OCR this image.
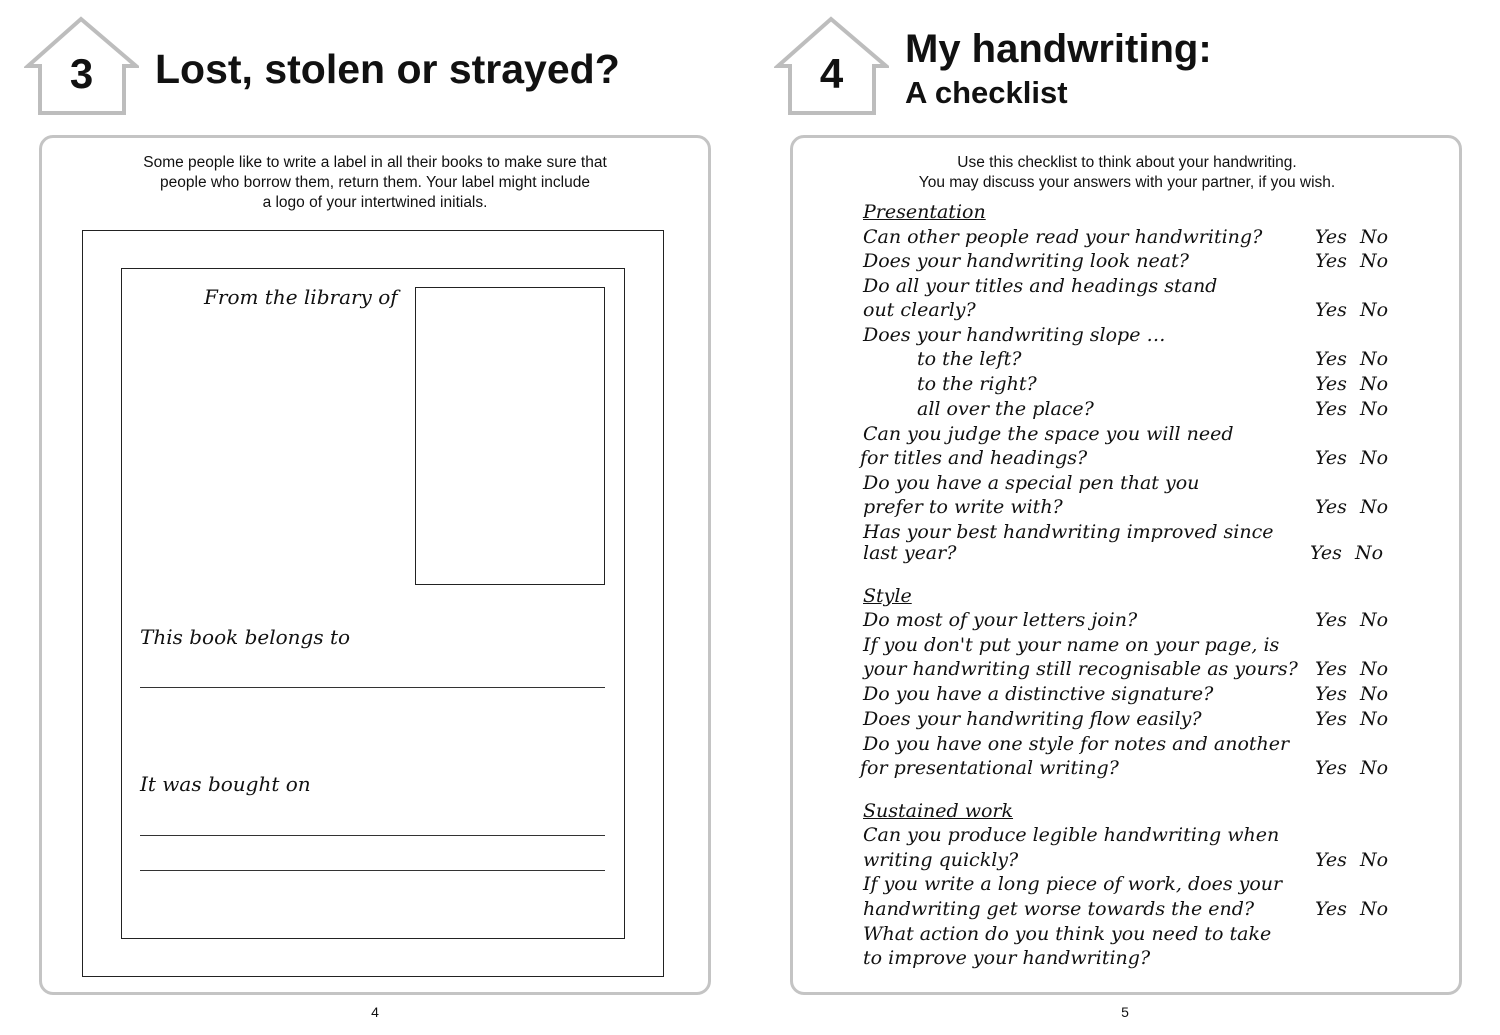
3	Lost, stolen or strayed?
Some people like to write a label in all their books to make sure that
people who borrow them, return them. Your label might include
a logo of your intertwined initials.
From the library of
This book belongs to
It was bought on
4
4
My handwriting:
A checklist
Use this checklist to think about your handwriting.
You may discuss your answers with your partner, if you wish.
Presentation
Can other people read your handwriting?
Does your handwriting look neat?
Do all your titles and headings stand
out clearly?
Does your handwriting slope …
to the left?
to the right?
all over the place?
Can you judge the space you will need
for titles and headings?
Do you have a special pen that you
prefer to write with?
Has your best handwriting improved since
last year?
Style
Do most of your letters join?
If you don't put your name on your page, is
your handwriting still recognisable as yours?
Do you have a distinctive signature?
Does your handwriting flow easily?
Do you have one style for notes and another
for presentational writing?
Sustained work
Can you produce legible handwriting when
writing quickly?
If you write a long piece of work, does your
handwriting get worse towards the end?
What action do you think you need to take
to improve your handwriting?
Yes No
Yes No
Yes No
Yes No
Yes No
Yes No
Yes No
Yes No
Yes No
Yes No
Yes No
Yes No
Yes No
Yes No
Yes No
Yes No
5
